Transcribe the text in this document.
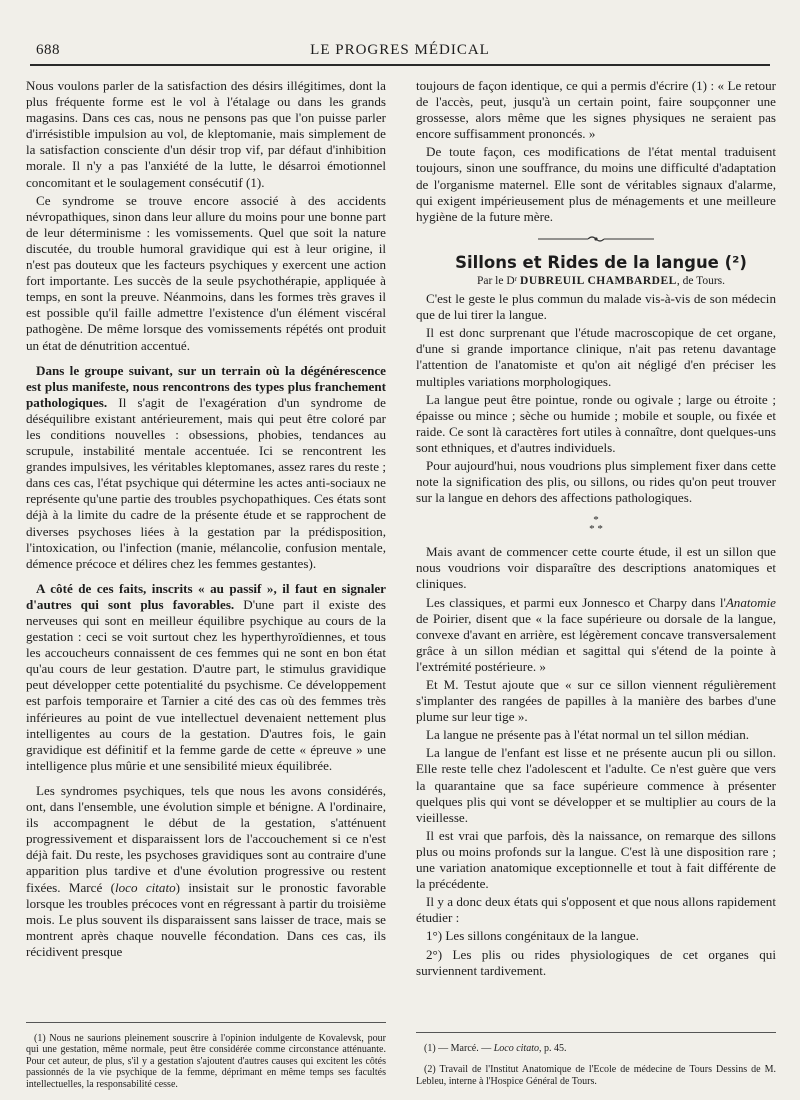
688	LE PROGRES MÉDICAL

Nous voulons parler de la satisfaction des désirs illégitimes, dont la plus fréquente forme est le vol à l'étalage ou dans les grands magasins. Dans ces cas, nous ne pensons pas que l'on puisse parler d'irrésistible impulsion au vol, de kleptomanie, mais simplement de la satisfaction consciente d'un désir trop vif, par défaut d'inhibition morale. Il n'y a pas l'anxiété de la lutte, le désarroi émotionnel concomitant et le soulagement consécutif (1).

Ce syndrome se trouve encore associé à des accidents névropathiques, sinon dans leur allure du moins pour une bonne part de leur déterminisme : les vomissements. Quel que soit la nature discutée, du trouble humoral gravidique qui est à leur origine, il n'est pas douteux que les facteurs psychiques y exercent une action fort importante. Les succès de la seule psychothérapie, appliquée à temps, en sont la preuve. Néanmoins, dans les formes très graves il est possible qu'il faille admettre l'existence d'un élément viscéral pathogène. De même lorsque des vomissements répétés ont produit un état de dénutrition accentué.

Dans le groupe suivant, sur un terrain où la dégénérescence est plus manifeste, nous rencontrons des types plus franchement pathologiques. Il s'agit de l'exagération d'un syndrome de déséquilibre existant antérieurement, mais qui peut être coloré par les conditions nouvelles : obsessions, phobies, tendances au scrupule, instabilité mentale accentuée. Ici se rencontrent les grandes impulsives, les véritables kleptomanes, assez rares du reste ; dans ces cas, l'état psychique qui détermine les actes anti-sociaux ne représente qu'une partie des troubles psychopathiques. Ces états sont déjà à la limite du cadre de la présente étude et se rapprochent de diverses psychoses liées à la gestation par la prédisposition, l'intoxication, ou l'infection (manie, mélancolie, confusion mentale, démence précoce et délires chez les femmes gestantes).

A côté de ces faits, inscrits « au passif », il faut en signaler d'autres qui sont plus favorables. D'une part il existe des nerveuses qui sont en meilleur équilibre psychique au cours de la gestation : ceci se voit surtout chez les hyperthyroïdiennes, et tous les accoucheurs connaissent de ces femmes qui ne sont en bon état qu'au cours de leur gestation. D'autre part, le stimulus gravidique peut développer cette potentialité du psychisme. Ce développement est parfois temporaire et Tarnier a cité des cas où des femmes très inférieures au point de vue intellectuel devenaient nettement plus intelligentes au cours de la gestation. D'autres fois, le gain gravidique est définitif et la femme garde de cette « épreuve » une intelligence plus mûrie et une sensibilité mieux équilibrée.

Les syndromes psychiques, tels que nous les avons considérés, ont, dans l'ensemble, une évolution simple et bénigne. A l'ordinaire, ils accompagnent le début de la gestation, s'atténuent progressivement et disparaissent lors de l'accouchement si ce n'est déjà fait. Du reste, les psychoses gravidiques sont au contraire d'une apparition plus tardive et d'une évolution progressive ou restent fixées. Marcé (loco citato) insistait sur le pronostic favorable lorsque les troubles précoces vont en régressant à partir du troisième mois. Le plus souvent ils disparaissent sans laisser de trace, mais se montrent après chaque nouvelle fécondation. Dans ces cas, ils récidivent presque

(1) Nous ne saurions pleinement souscrire à l'opinion indulgente de Kovalevsk, pour qui une gestation, même normale, peut être considérée comme circonstance atténuante. Pour cet auteur, de plus, s'il y a gestation s'ajoutent d'autres causes qui excitent les côtés passionnés de la vie psychique de la femme, déprimant en même temps ses facultés intellectuelles, la responsabilité cesse.

toujours de façon identique, ce qui a permis d'écrire (1) : « Le retour de l'accès, peut, jusqu'à un certain point, faire soupçonner une grossesse, alors même que les signes physiques ne seraient pas encore suffisamment prononcés. »

De toute façon, ces modifications de l'état mental traduisent toujours, sinon une souffrance, du moins une difficulté d'adaptation de l'organisme maternel. Elle sont de véritables signaux d'alarme, qui exigent impérieusement plus de ménagements et une meilleure hygiène de la future mère.

Sillons et Rides de la langue (²)

Par le Dʳ DUBREUIL CHAMBARDEL, de Tours.

C'est le geste le plus commun du malade vis-à-vis de son médecin que de lui tirer la langue.

Il est donc surprenant que l'étude macroscopique de cet organe, d'une si grande importance clinique, n'ait pas retenu davantage l'attention de l'anatomiste et qu'on ait négligé d'en préciser les multiples variations morphologiques.

La langue peut être pointue, ronde ou ogivale ; large ou étroite ; épaisse ou mince ; sèche ou humide ; mobile et souple, ou fixée et raide. Ce sont là caractères fort utiles à connaître, dont quelques-uns sont ethniques, et d'autres individuels.

Pour aujourd'hui, nous voudrions plus simplement fixer dans cette note la signification des plis, ou sillons, ou rides qu'on peut trouver sur la langue en dehors des affections pathologiques.

*
* *

Mais avant de commencer cette courte étude, il est un sillon que nous voudrions voir disparaître des descriptions anatomiques et cliniques.

Les classiques, et parmi eux Jonnesco et Charpy dans l'Anatomie de Poirier, disent que « la face supérieure ou dorsale de la langue, convexe d'avant en arrière, est légèrement concave transversalement grâce à un sillon médian et sagittal qui s'étend de la pointe à l'extrémité postérieure. »

Et M. Testut ajoute que « sur ce sillon viennent régulièrement s'implanter des rangées de papilles à la manière des barbes d'une plume sur leur tige ».

La langue ne présente pas à l'état normal un tel sillon médian.

La langue de l'enfant est lisse et ne présente aucun pli ou sillon. Elle reste telle chez l'adolescent et l'adulte. Ce n'est guère que vers la quarantaine que sa face supérieure commence à présenter quelques plis qui vont se développer et se multiplier au cours de la vieillesse.

Il est vrai que parfois, dès la naissance, on remarque des sillons plus ou moins profonds sur la langue. C'est là une disposition rare ; une variation anatomique exceptionnelle et tout à fait différente de la précédente.

Il y a donc deux états qui s'opposent et que nous allons rapidement étudier :

1°) Les sillons congénitaux de la langue.

2°) Les plis ou rides physiologiques de cet organes qui surviennent tardivement.

(1) — Marcé. — Loco citato, p. 45.

(2) Travail de l'Institut Anatomique de l'Ecole de médecine de Tours Dessins de M. Lebleu, interne à l'Hospice Général de Tours.
